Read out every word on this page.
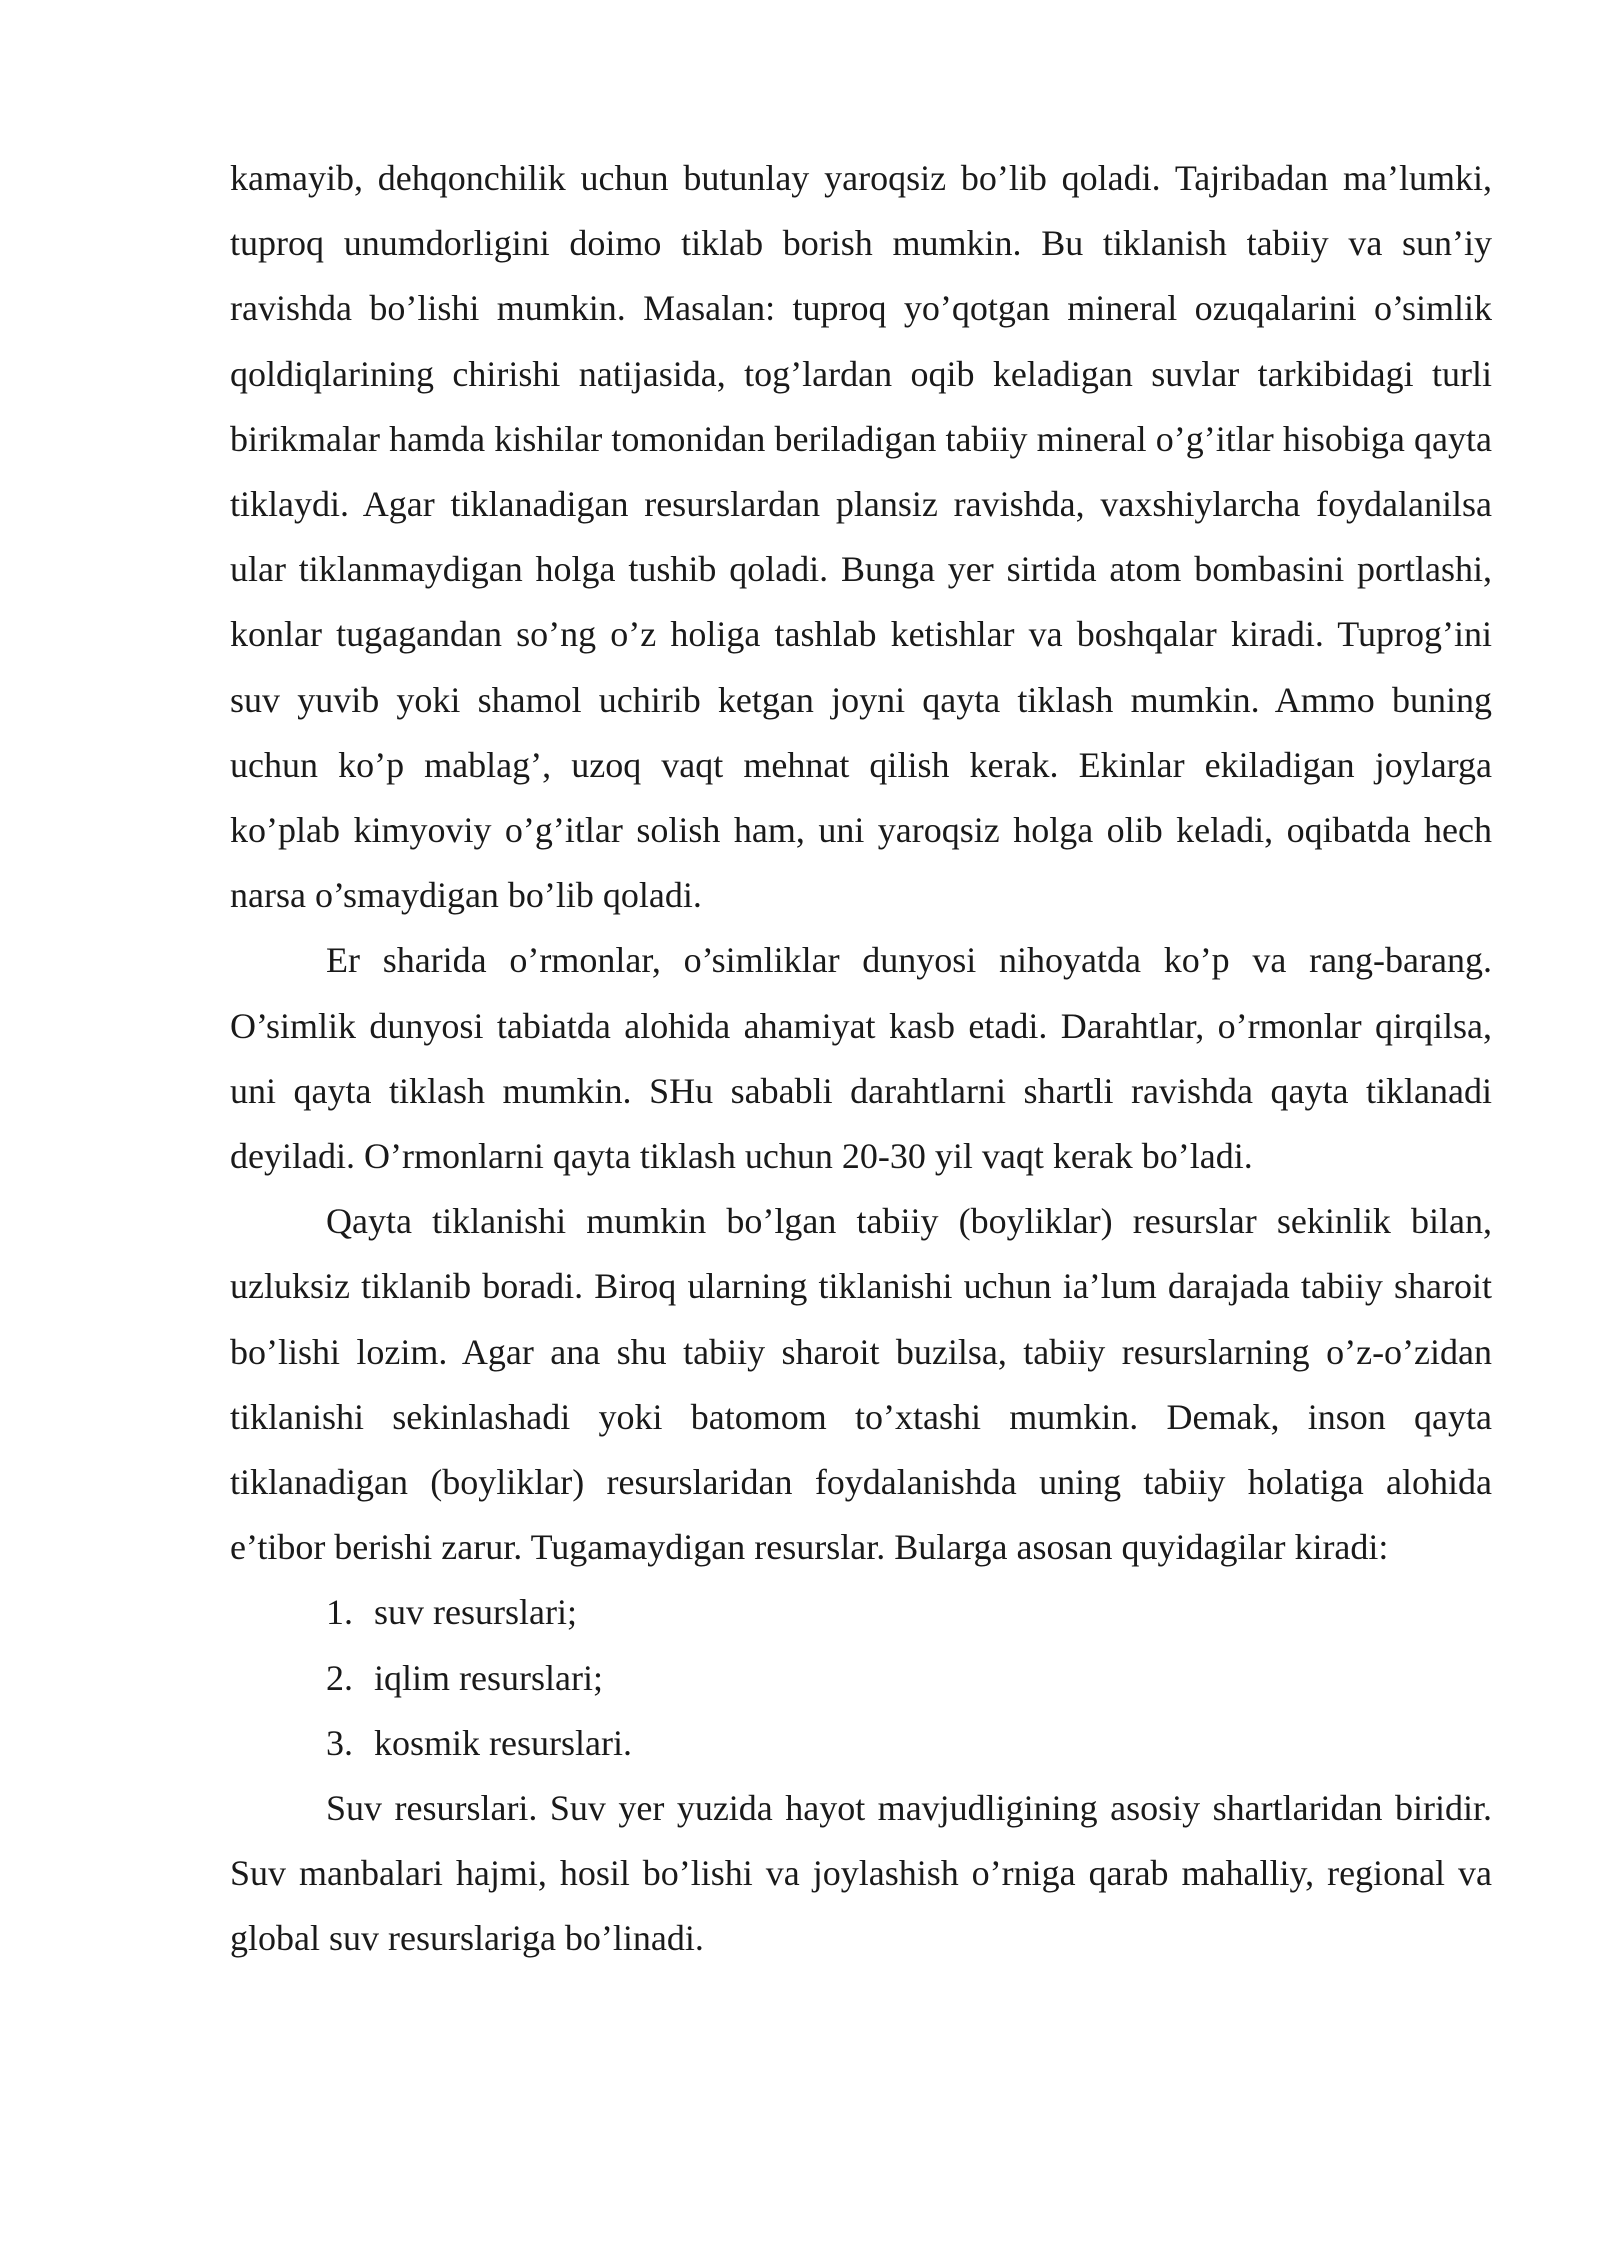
kamayib, dehqonchilik uchun butunlay yaroqsiz bo’lib qoladi. Tajribadan ma’lumki, tuproq unumdorligini doimo tiklab borish mumkin. Bu tiklanish tabiiy va sun’iy ravishda bo’lishi mumkin. Masalan: tuproq yo’qotgan mineral ozuqalarini o’simlik qoldiqlarining chirishi natijasida, tog’lardan oqib keladigan suvlar tarkibidagi turli birikmalar hamda kishilar tomonidan beriladigan tabiiy mineral o’g’itlar hisobiga qayta tiklaydi. Agar tiklanadigan resurslardan plansiz ravishda, vaxshiylarcha foydalanilsa ular tiklanmaydigan holga tushib qoladi. Bunga yer sirtida atom bombasini portlashi, konlar tugagandan so’ng o’z holiga tashlab ketishlar va boshqalar kiradi. Tuprog’ini suv yuvib yoki shamol uchirib ketgan joyni qayta tiklash mumkin. Ammo buning uchun ko’p mablag’, uzoq vaqt mehnat qilish kerak. Ekinlar ekiladigan joylarga ko’plab kimyoviy o’g’itlar solish ham, uni yaroqsiz holga olib keladi, oqibatda hech narsa o’smaydigan bo’lib qoladi.

Er sharida o’rmonlar, o’simliklar dunyosi nihoyatda ko’p va rang-barang. O’simlik dunyosi tabiatda alohida ahamiyat kasb etadi. Darahtlar, o’rmonlar qirqilsa, uni qayta tiklash mumkin. SHu sababli darahtlarni shartli ravishda qayta tiklanadi deyiladi. O’rmonlarni qayta tiklash uchun 20-30 yil vaqt kerak bo’ladi.

Qayta tiklanishi mumkin bo’lgan tabiiy (boyliklar) resurslar sekinlik bilan, uzluksiz tiklanib boradi. Biroq ularning tiklanishi uchun ia’lum darajada tabiiy sharoit bo’lishi lozim. Agar ana shu tabiiy sharoit buzilsa, tabiiy resurslarning o’z-o’zidan tiklanishi sekinlashadi yoki batomom to’xtashi mumkin. Demak, inson qayta tiklanadigan (boyliklar) resurslaridan foydalanishda uning tabiiy holatiga alohida e’tibor berishi zarur. Tugamaydigan resurslar. Bularga asosan quyidagilar kiradi:

1. suv resurslari;
2. iqlim resurslari;
3. kosmik resurslari.

Suv resurslari. Suv yer yuzida hayot mavjudligining asosiy shartlaridan biridir. Suv manbalari hajmi, hosil bo’lishi va joylashish o’rniga qarab mahalliy, regional va global suv resurslariga bo’linadi.
